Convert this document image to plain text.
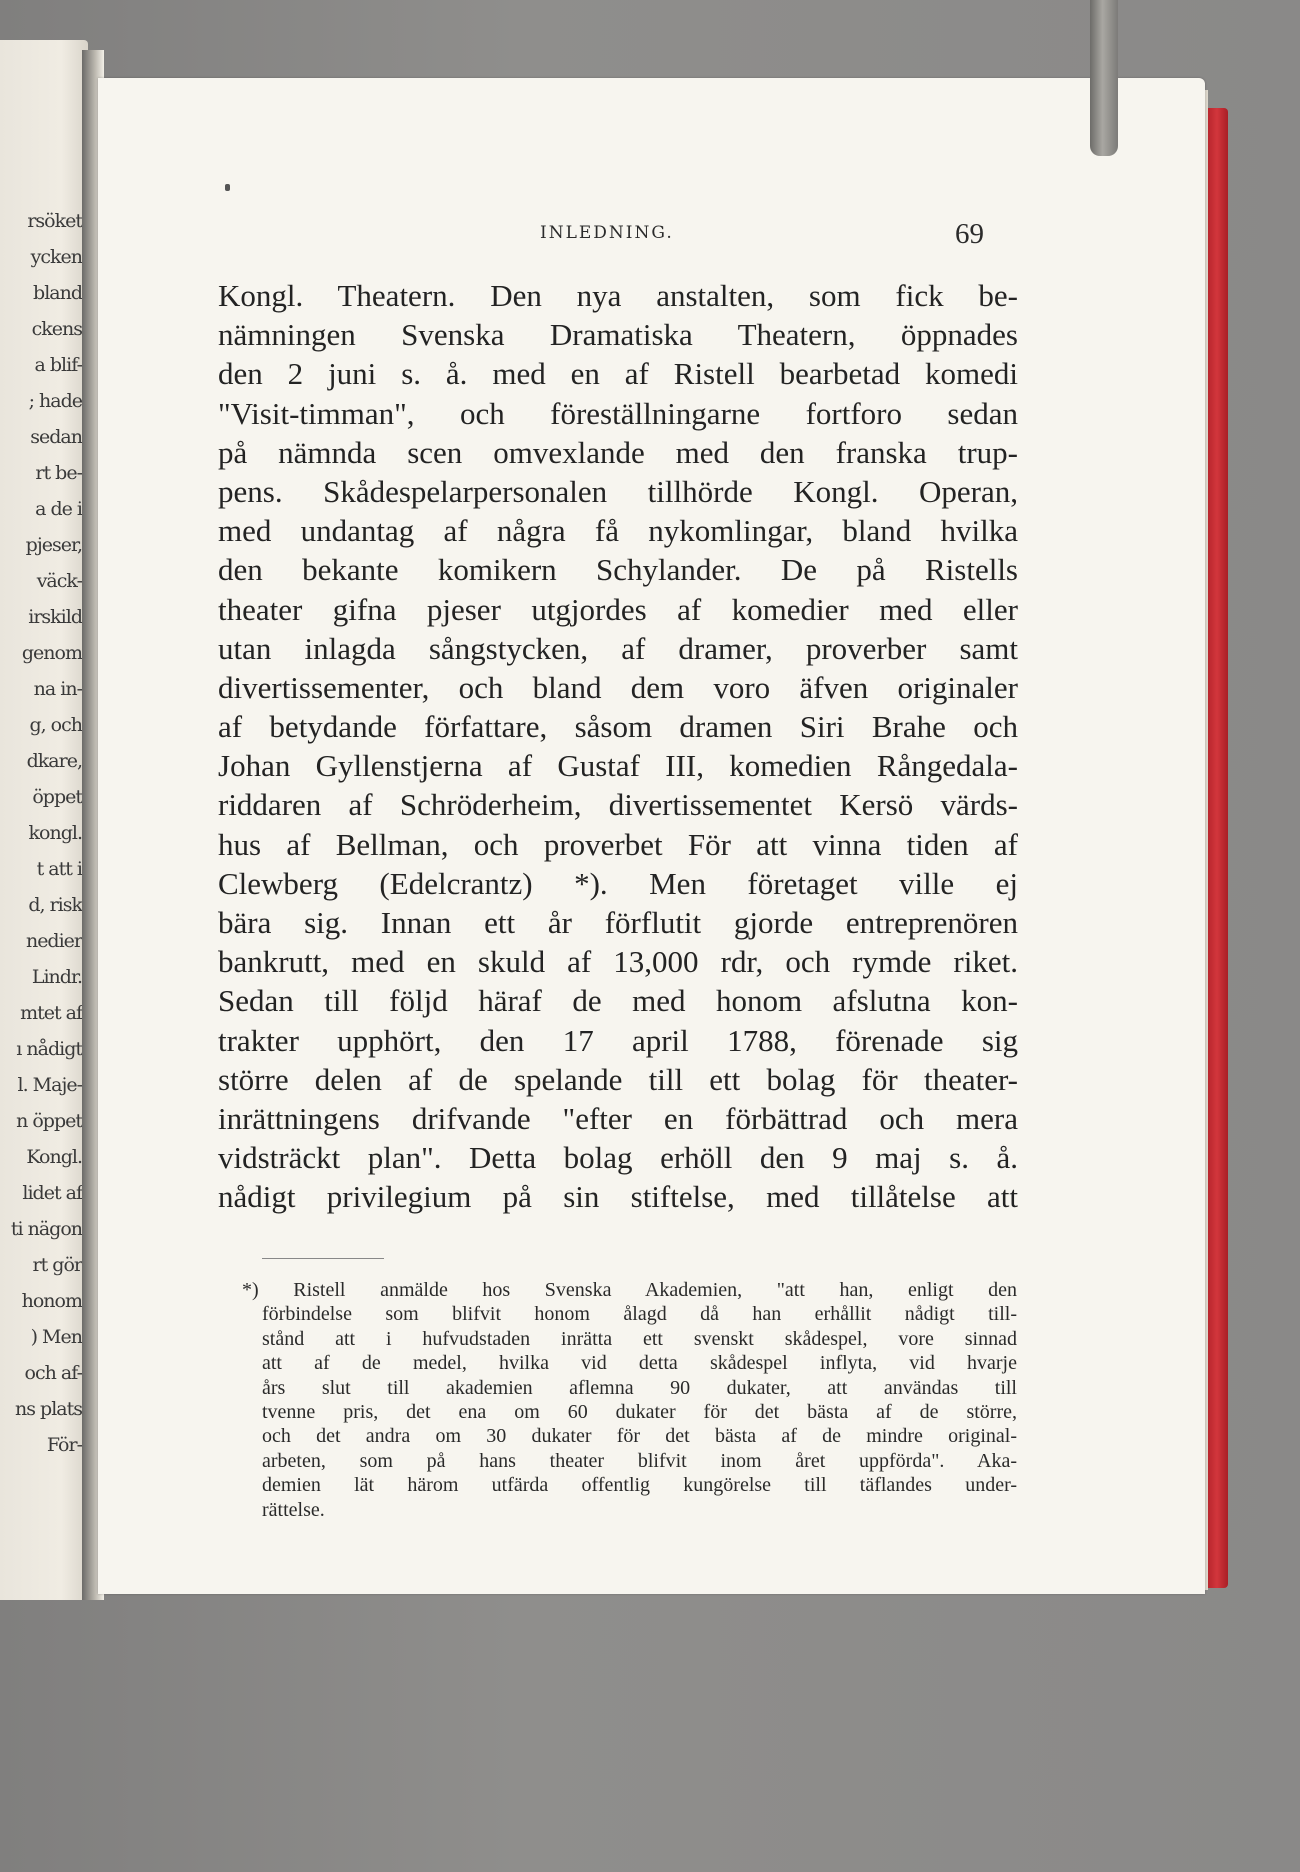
rsöket
ycken
bland
ckens
a blif-
; hade
sedan
rt be-
a de i
pjeser,
väck-
irskild
genom
na in-
g, och
dkare,
öppet
kongl.
t att i
d, risk
nedier
Lindr.
mtet af
ı nådigt
l. Maje-
n öppet
Kongl.
lidet af
ti nägon
rt gör
honom
) Men
och af-
ns plats
För-
INLEDNING.	69
Kongl. Theatern. Den nya anstalten, som fick be-
nämningen Svenska Dramatiska Theatern, öppnades
den 2 juni s. å. med en af Ristell bearbetad komedi
"Visit-timman", och föreställningarne fortforo sedan
på nämnda scen omvexlande med den franska trup-
pens. Skådespelarpersonalen tillhörde Kongl. Operan,
med undantag af några få nykomlingar, bland hvilka
den bekante komikern Schylander. De på Ristells
theater gifna pjeser utgjordes af komedier med eller
utan inlagda sångstycken, af dramer, proverber samt
divertissementer, och bland dem voro äfven originaler
af betydande författare, såsom dramen Siri Brahe och
Johan Gyllenstjerna af Gustaf III, komedien Rångedala-
riddaren af Schröderheim, divertissementet Kersö värds-
hus af Bellman, och proverbet För att vinna tiden af
Clewberg (Edelcrantz) *). Men företaget ville ej
bära sig. Innan ett år förflutit gjorde entreprenören
bankrutt, med en skuld af 13,000 rdr, och rymde riket.
Sedan till följd häraf de med honom afslutna kon-
trakter upphört, den 17 april 1788, förenade sig
större delen af de spelande till ett bolag för theater-
inrättningens drifvande "efter en förbättrad och mera
vidsträckt plan". Detta bolag erhöll den 9 maj s. å.
nådigt privilegium på sin stiftelse, med tillåtelse att
*) Ristell anmälde hos Svenska Akademien, "att han, enligt den
förbindelse som blifvit honom ålagd då han erhållit nådigt till-
stånd att i hufvudstaden inrätta ett svenskt skådespel, vore sinnad
att af de medel, hvilka vid detta skådespel inflyta, vid hvarje
års slut till akademien aflemna 90 dukater, att användas till
tvenne pris, det ena om 60 dukater för det bästa af de större,
och det andra om 30 dukater för det bästa af de mindre original-
arbeten, som på hans theater blifvit inom året uppförda". Aka-
demien lät härom utfärda offentlig kungörelse till täflandes under-
rättelse.
